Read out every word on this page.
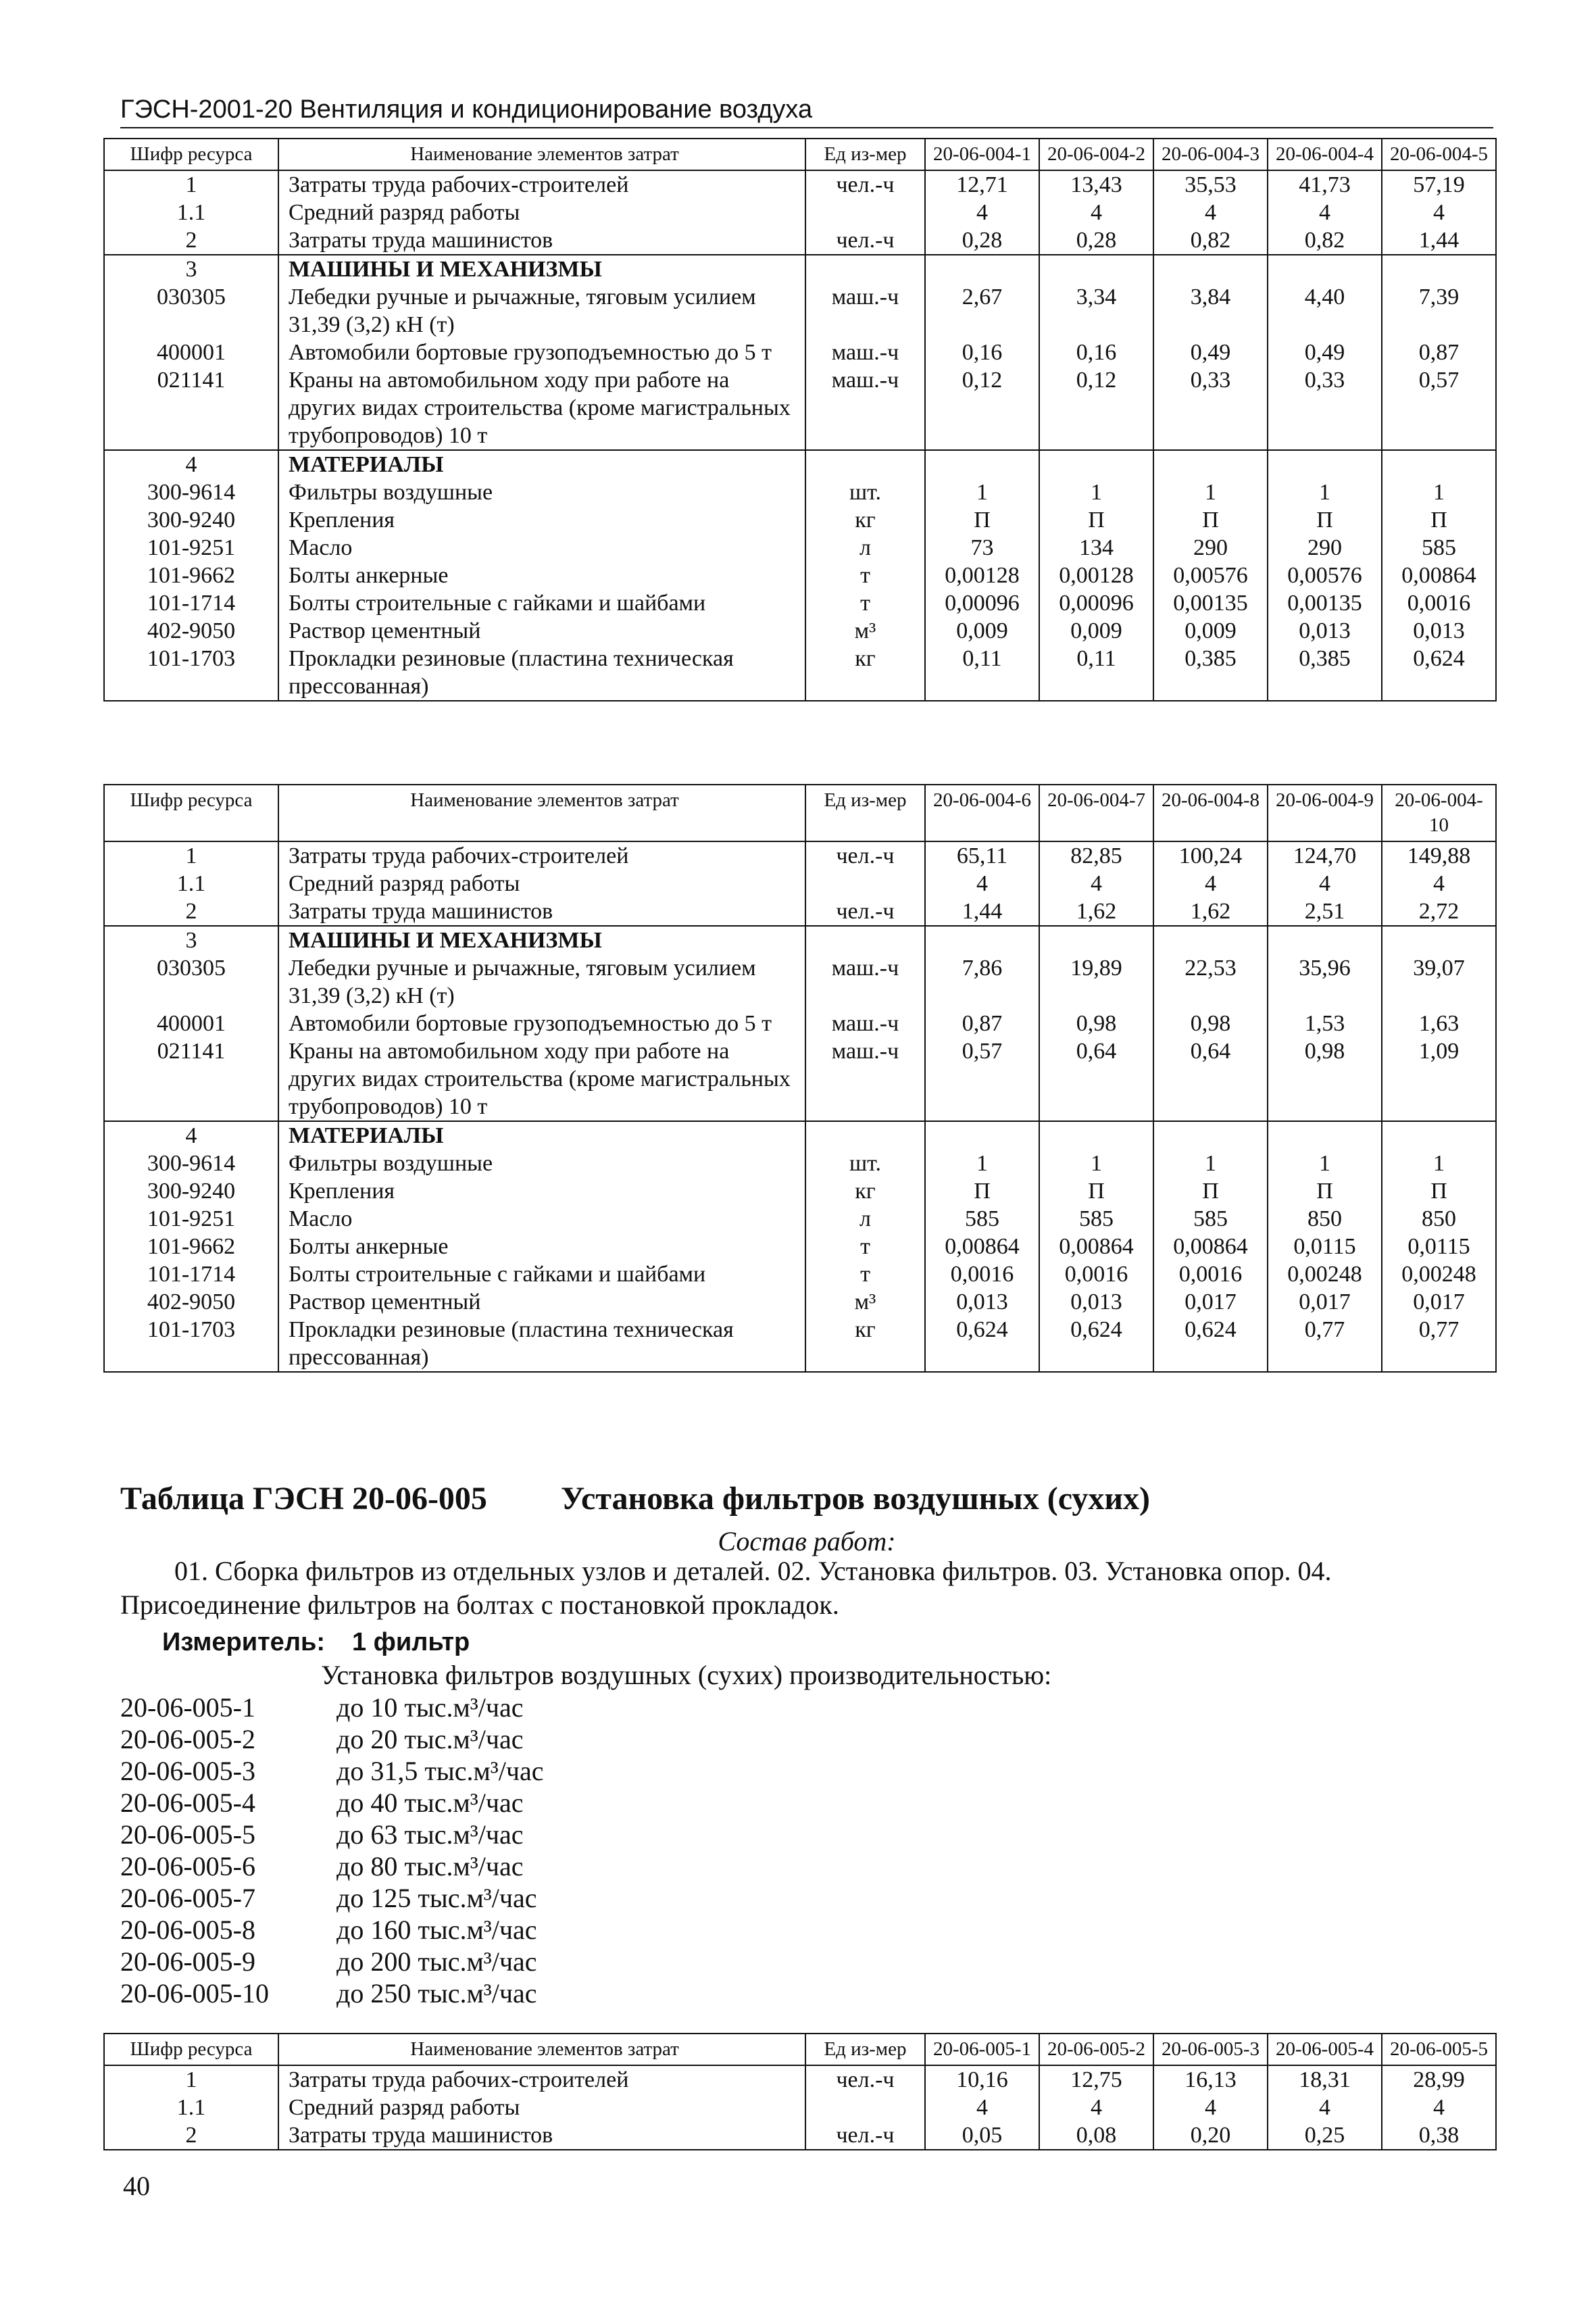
ГЭСН-2001-20 Вентиляция и кондиционирование воздуха
Шифр ресурса	Наименование элементов затрат	Ед из-мер	20-06-004-1	20-06-004-2	20-06-004-3	20-06-004-4	20-06-004-5
1	Затраты труда рабочих-строителей	чел.-ч	12,71	13,43	35,53	41,73	57,19
1.1	Средний разряд работы		4	4	4	4	4
2	Затраты труда машинистов	чел.-ч	0,28	0,28	0,82	0,82	1,44
3	МАШИНЫ И МЕХАНИЗМЫ						
030305	Лебедки ручные и рычажные, тяговым усилием 31,39 (3,2) кН (т)	маш.-ч	2,67	3,34	3,84	4,40	7,39
400001	Автомобили бортовые грузоподъемностью до 5 т	маш.-ч	0,16	0,16	0,49	0,49	0,87
021141	Краны на автомобильном ходу при работе на других видах строительства (кроме магистральных трубопроводов) 10 т	маш.-ч	0,12	0,12	0,33	0,33	0,57
4	МАТЕРИАЛЫ						
300-9614	Фильтры воздушные	шт.	1	1	1	1	1
300-9240	Крепления	кг	П	П	П	П	П
101-9251	Масло	л	73	134	290	290	585
101-9662	Болты анкерные	т	0,00128	0,00128	0,00576	0,00576	0,00864
101-1714	Болты строительные с гайками и шайбами	т	0,00096	0,00096	0,00135	0,00135	0,0016
402-9050	Раствор цементный	м³	0,009	0,009	0,009	0,013	0,013
101-1703	Прокладки резиновые (пластина техническая прессованная)	кг	0,11	0,11	0,385	0,385	0,624
Шифр ресурса	Наименование элементов затрат	Ед из-мер	20-06-004-6	20-06-004-7	20-06-004-8	20-06-004-9	20-06-004-10
1	Затраты труда рабочих-строителей	чел.-ч	65,11	82,85	100,24	124,70	149,88
1.1	Средний разряд работы		4	4	4	4	4
2	Затраты труда машинистов	чел.-ч	1,44	1,62	1,62	2,51	2,72
3	МАШИНЫ И МЕХАНИЗМЫ						
030305	Лебедки ручные и рычажные, тяговым усилием 31,39 (3,2) кН (т)	маш.-ч	7,86	19,89	22,53	35,96	39,07
400001	Автомобили бортовые грузоподъемностью до 5 т	маш.-ч	0,87	0,98	0,98	1,53	1,63
021141	Краны на автомобильном ходу при работе на других видах строительства (кроме магистральных трубопроводов) 10 т	маш.-ч	0,57	0,64	0,64	0,98	1,09
4	МАТЕРИАЛЫ						
300-9614	Фильтры воздушные	шт.	1	1	1	1	1
300-9240	Крепления	кг	П	П	П	П	П
101-9251	Масло	л	585	585	585	850	850
101-9662	Болты анкерные	т	0,00864	0,00864	0,00864	0,0115	0,0115
101-1714	Болты строительные с гайками и шайбами	т	0,0016	0,0016	0,0016	0,00248	0,00248
402-9050	Раствор цементный	м³	0,013	0,013	0,017	0,017	0,017
101-1703	Прокладки резиновые (пластина техническая прессованная)	кг	0,624	0,624	0,624	0,77	0,77
Таблица ГЭСН 20-06-005 Установка фильтров воздушных (сухих)
Состав работ:
01. Сборка фильтров из отдельных узлов и деталей. 02. Установка фильтров. 03. Установка опор. 04. Присоединение фильтров на болтах с постановкой прокладок.
Измеритель: 1 фильтр
Установка фильтров воздушных (сухих) производительностью:
20-06-005-1	до 10 тыс.м³/час
20-06-005-2	до 20 тыс.м³/час
20-06-005-3	до 31,5 тыс.м³/час
20-06-005-4	до 40 тыс.м³/час
20-06-005-5	до 63 тыс.м³/час
20-06-005-6	до 80 тыс.м³/час
20-06-005-7	до 125 тыс.м³/час
20-06-005-8	до 160 тыс.м³/час
20-06-005-9	до 200 тыс.м³/час
20-06-005-10	до 250 тыс.м³/час
Шифр ресурса	Наименование элементов затрат	Ед из-мер	20-06-005-1	20-06-005-2	20-06-005-3	20-06-005-4	20-06-005-5
1	Затраты труда рабочих-строителей	чел.-ч	10,16	12,75	16,13	18,31	28,99
1.1	Средний разряд работы		4	4	4	4	4
2	Затраты труда машинистов	чел.-ч	0,05	0,08	0,20	0,25	0,38
40
